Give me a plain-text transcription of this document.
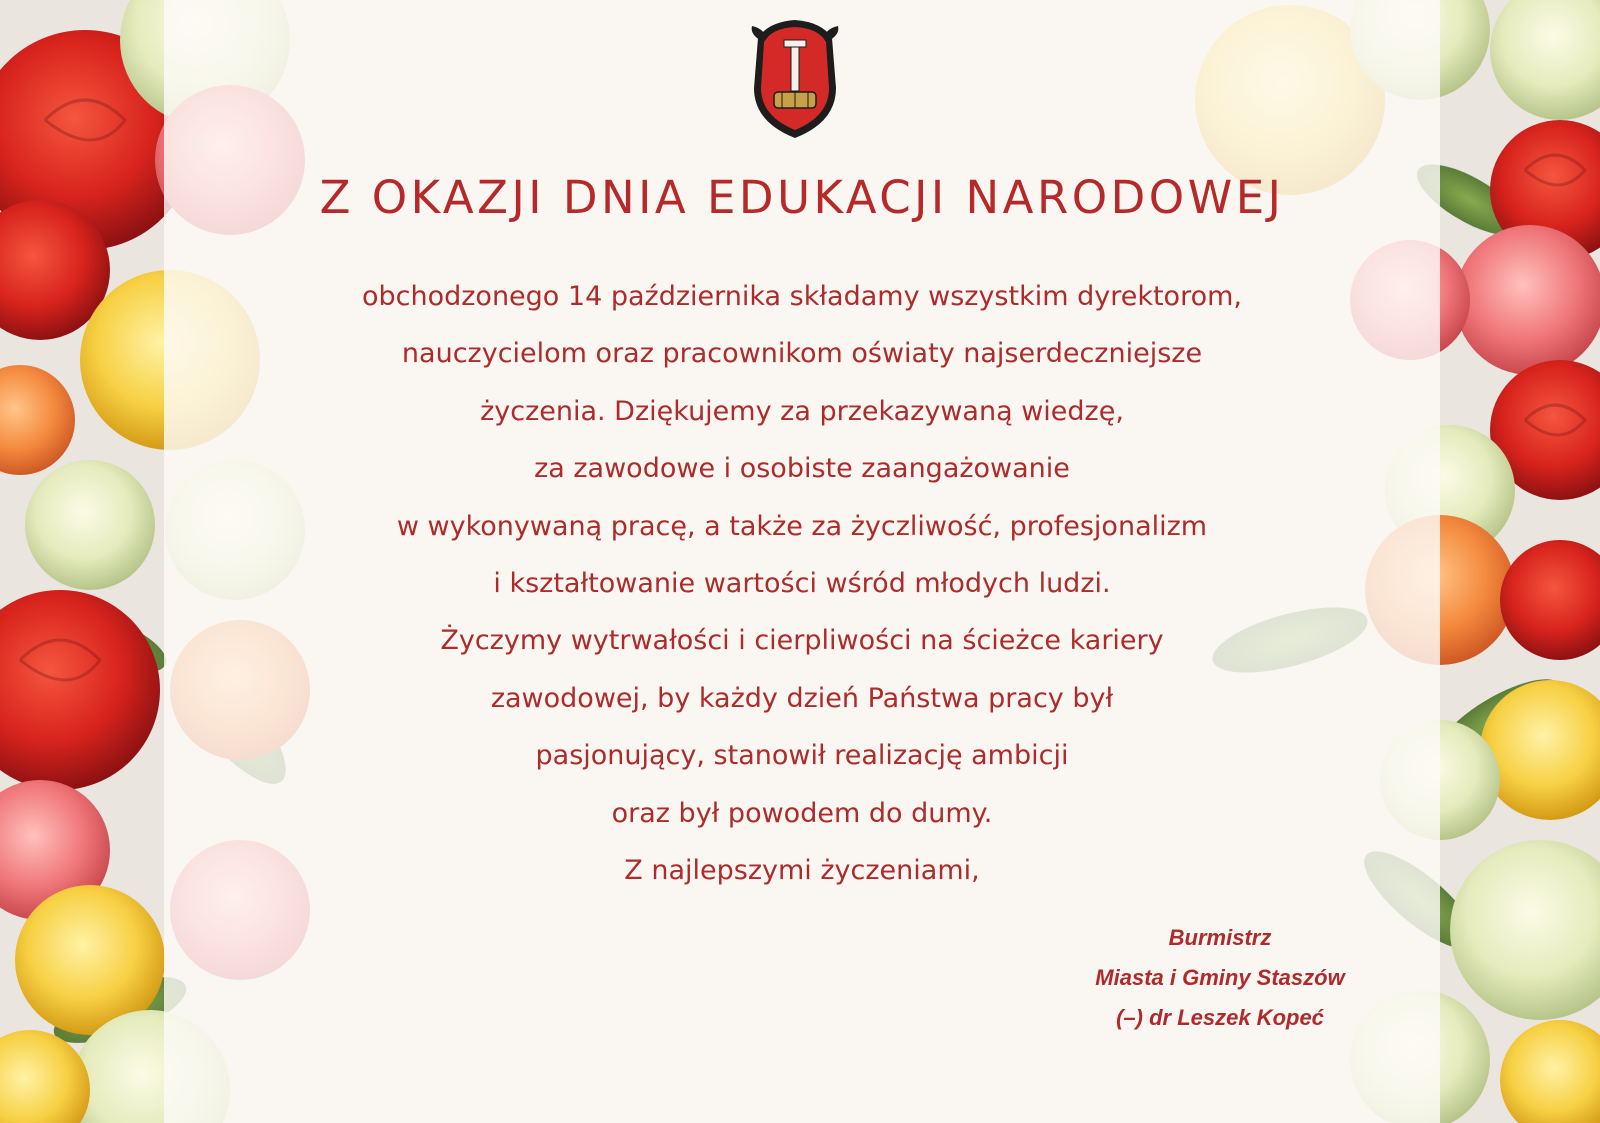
Z OKAZJI DNIA EDUKACJI NARODOWEJ
obchodzonego 14 października składamy wszystkim dyrektorom,
nauczycielom oraz pracownikom oświaty najserdeczniejsze
życzenia. Dziękujemy za przekazywaną wiedzę,
za zawodowe i osobiste zaangażowanie
w wykonywaną pracę, a także za życzliwość, profesjonalizm
i kształtowanie wartości wśród młodych ludzi.
Życzymy wytrwałości i cierpliwości na ścieżce kariery
zawodowej, by każdy dzień Państwa pracy był
pasjonujący, stanowił realizację ambicji
oraz był powodem do dumy.
Z najlepszymi życzeniami,
Burmistrz
Miasta i Gminy Staszów
(–) dr Leszek Kopeć
